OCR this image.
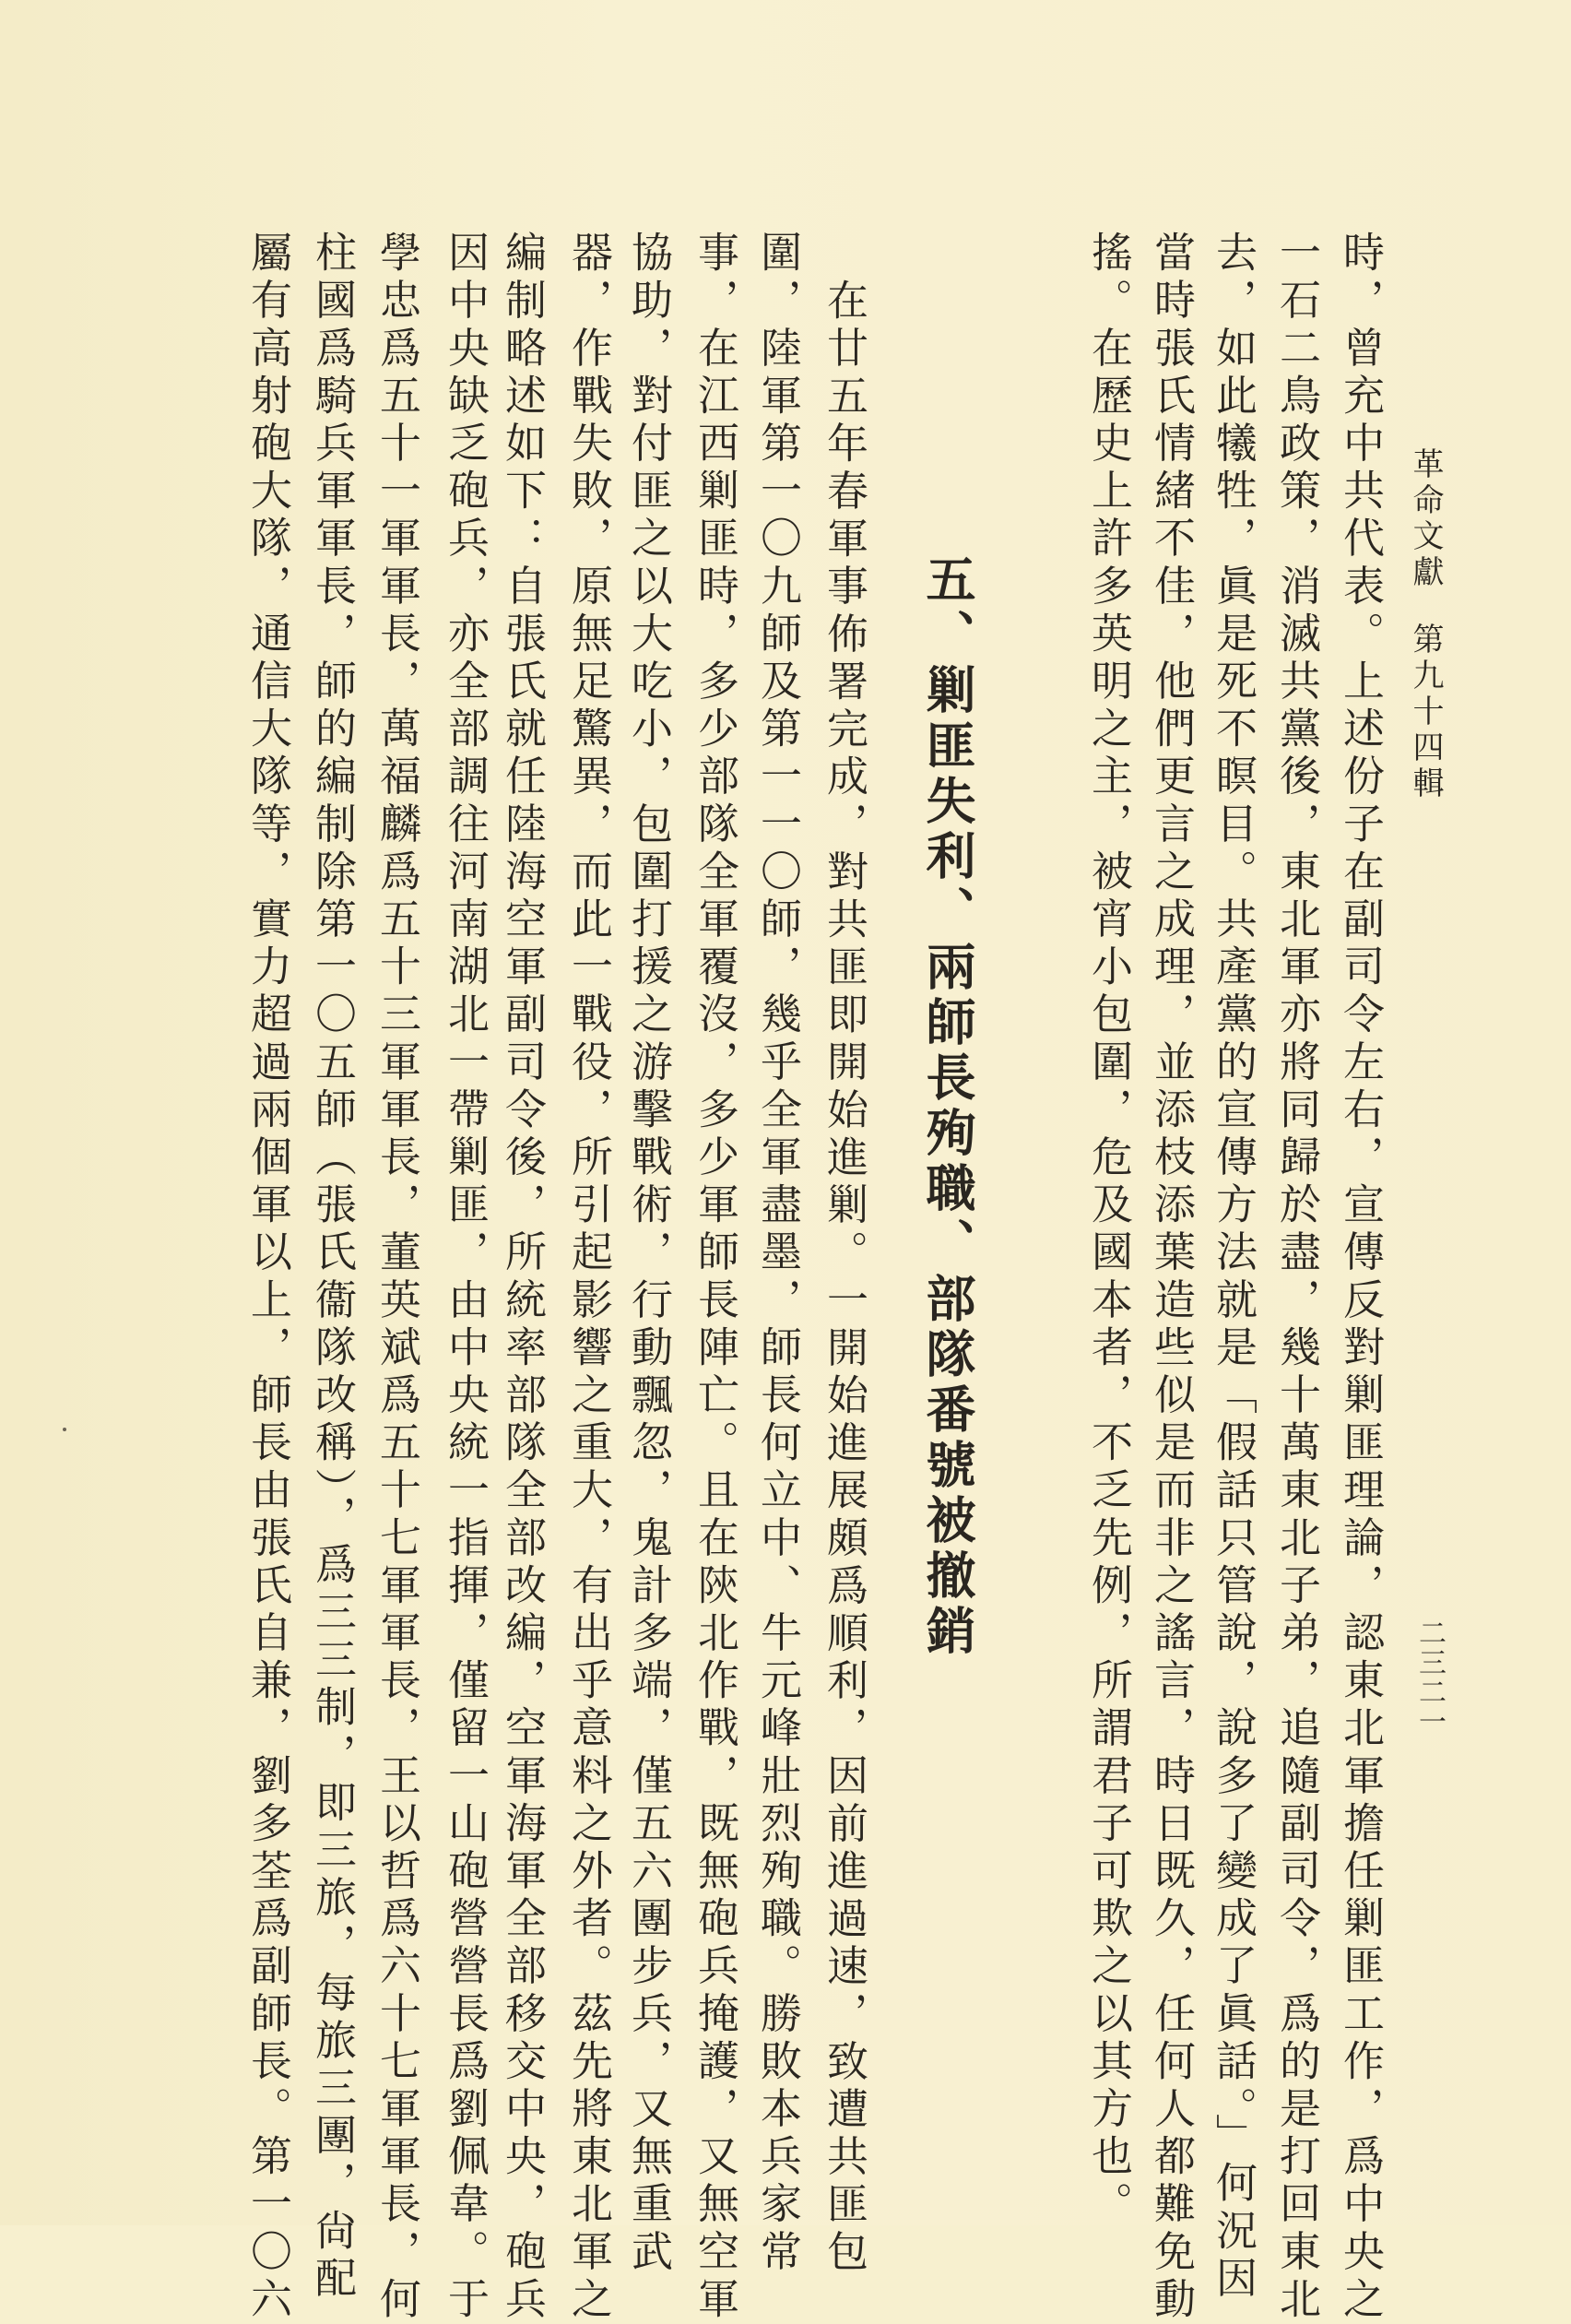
革命文獻第九十四輯
二三二一
時，曾充中共代表。上述份子在副司令左右，宣傳反對剿匪理論，認東北軍擔任剿匪工作，爲中央之
一石二鳥政策，消滅共黨後，東北軍亦將同歸於盡，幾十萬東北子弟，追隨副司令，爲的是打回東北
去，如此犧牲，眞是死不瞑目。共產黨的宣傳方法就是「假話只管說，說多了變成了眞話。」何況因
當時張氏情緒不佳，他們更言之成理，並添枝添葉造些似是而非之謠言，時日既久，任何人都難免動
搖。在歷史上許多英明之主，被宵小包圍，危及國本者，不乏先例，所謂君子可欺之以其方也。
五、剿匪失利、兩師長殉職、部隊番號被撤銷
在廿五年春軍事佈署完成，對共匪即開始進剿。一開始進展頗爲順利，因前進過速，致遭共匪包
圍，陸軍第一〇九師及第一一〇師，幾乎全軍盡墨，師長何立中、牛元峰壯烈殉職。勝敗本兵家常
事，在江西剿匪時，多少部隊全軍覆沒，多少軍師長陣亡。且在陝北作戰，既無砲兵掩護，又無空軍
協助，對付匪之以大吃小，包圍打援之游擊戰術，行動飄忽，鬼計多端，僅五六團步兵，又無重武
器，作戰失敗，原無足驚異，而此一戰役，所引起影響之重大，有出乎意料之外者。茲先將東北軍之
編制略述如下：自張氏就任陸海空軍副司令後，所統率部隊全部改編，空軍海軍全部移交中央，砲兵
因中央缺乏砲兵，亦全部調往河南湖北一帶剿匪，由中央統一指揮，僅留一山砲營營長爲劉佩韋。于
學忠爲五十一軍軍長，萬福麟爲五十三軍軍長，董英斌爲五十七軍軍長，王以哲爲六十七軍軍長，何
柱國爲騎兵軍軍長，師的編制除第一〇五師（張氏衞隊改稱），爲三三制，即三旅，每旅三團，尙配
屬有高射砲大隊，通信大隊等，實力超過兩個軍以上，師長由張氏自兼，劉多荃爲副師長。第一〇六
